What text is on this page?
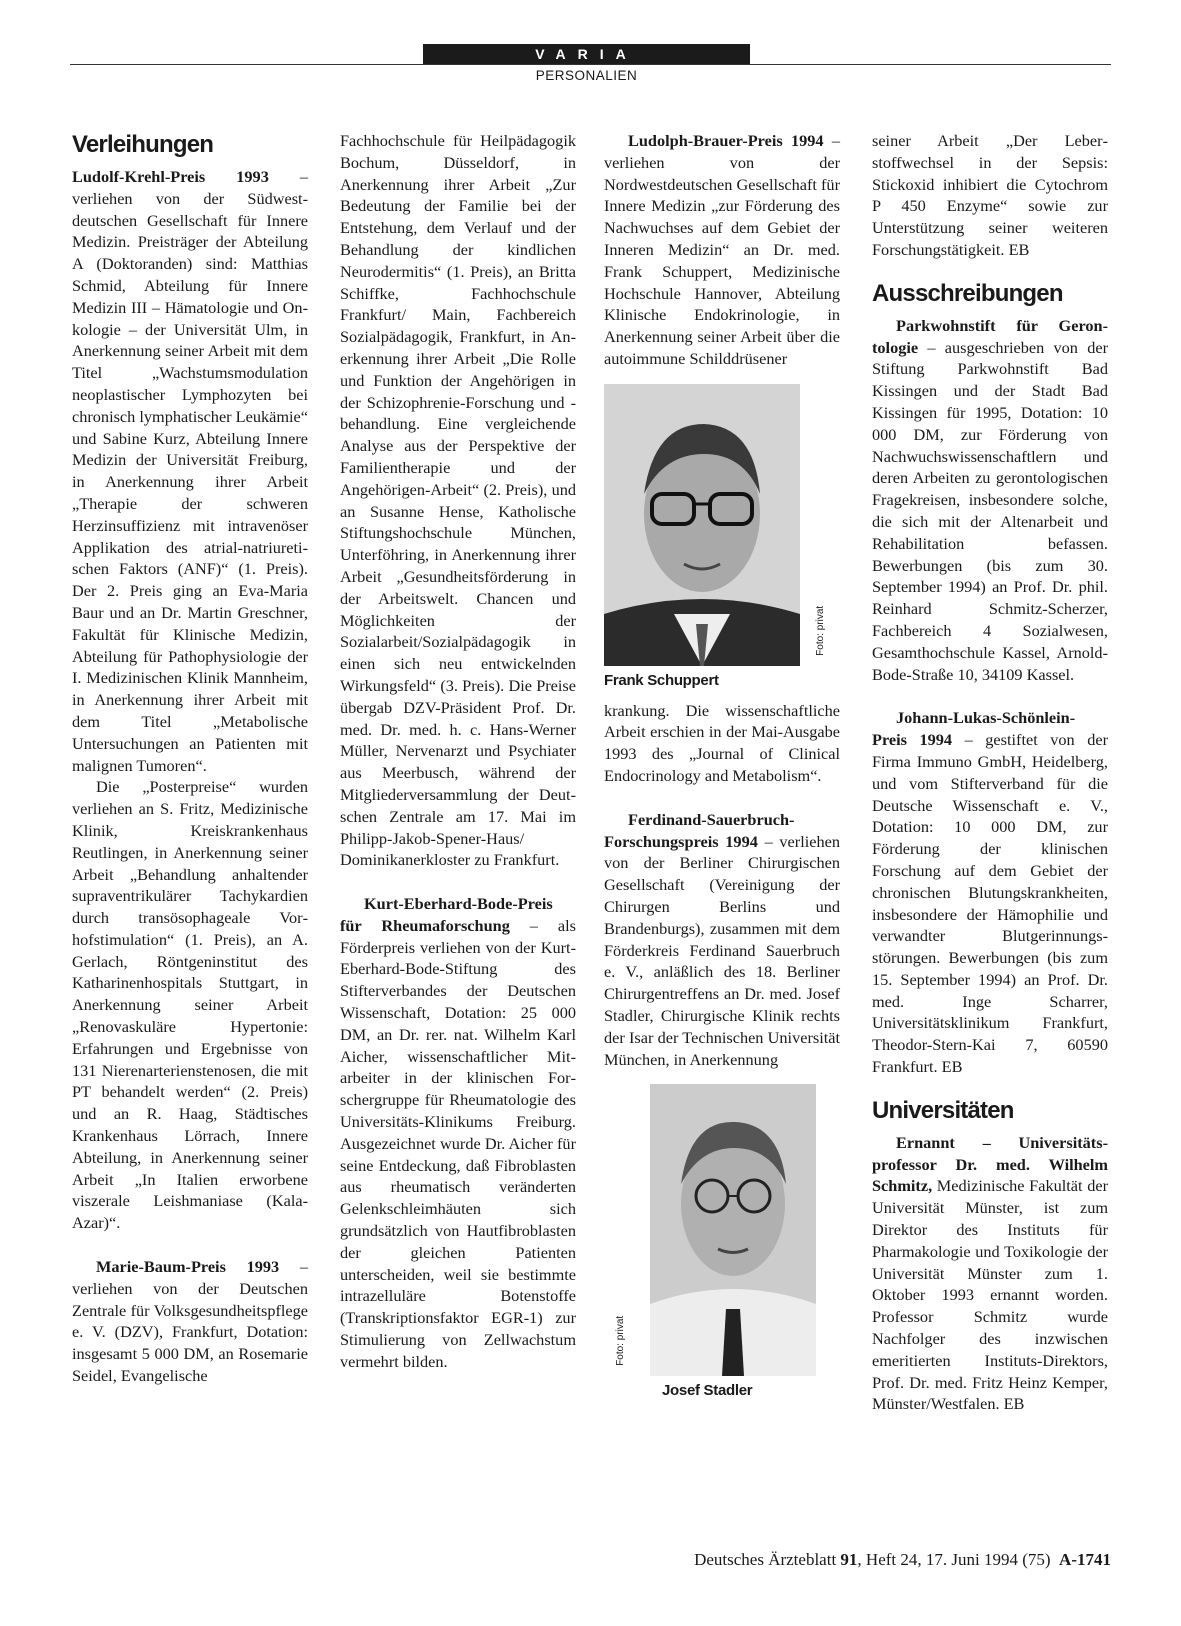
VARIA
PERSONALIEN
Verleihungen

Ludolf-Krehl-Preis 1993 – verliehen von der Südwestdeutschen Gesellschaft für Innere Medizin. Preisträger der Abteilung A (Doktoranden) sind: Matthias Schmid, Abteilung für Innere Medizin III – Hämatologie und Onkologie – der Universität Ulm, in Anerkennung seiner Arbeit mit dem Titel „Wachstumsmodulation neoplastischer Lymphozyten bei chronisch lymphatischer Leukämie“ und Sabine Kurz, Abteilung Innere Medizin der Universität Freiburg, in Anerkennung ihrer Arbeit „Therapie der schweren Herzinsuffizienz mit intravenöser Applikation des atrial-natriuretischen Faktors (ANF)“ (1. Preis). Der 2. Preis ging an Eva-Maria Baur und an Dr. Martin Greschner, Fakultät für Klinische Medizin, Abteilung für Pathophysiologie der I. Medizinischen Klinik Mannheim, in Anerkennung ihrer Arbeit mit dem Titel „Metabolische Untersuchungen an Patienten mit malignen Tumoren“.

Die „Posterpreise“ wurden verliehen an S. Fritz, Medizinische Klinik, Kreiskrankenhaus Reutlingen, in Anerkennung seiner Arbeit „Behandlung anhaltender supraventrikulärer Tachykardien durch transösophageale Vorhofstimulation“ (1. Preis), an A. Gerlach, Röntgeninstitut des Katharinenhospitals Stuttgart, in Anerkennung seiner Arbeit „Renovaskuläre Hypertonie: Erfahrungen und Ergebnisse von 131 Nierenarterienstenosen, die mit PT behandelt werden“ (2. Preis) und an R. Haag, Städtisches Krankenhaus Lörrach, Innere Abteilung, in Anerkennung seiner Arbeit „In Italien erworbene viszerale Leishmaniase (Kala-Azar)“.

Marie-Baum-Preis 1993 – verliehen von der Deutschen Zentrale für Volksgesundheitspflege e. V. (DZV), Frankfurt, Dotation: insgesamt 5 000 DM, an Rosemarie Seidel, Evangelische

Fachhochschule für Heilpädagogik Bochum, Düsseldorf, in Anerkennung ihrer Arbeit „Zur Bedeutung der Familie bei der Entstehung, dem Verlauf und der Behandlung der kindlichen Neurodermitis“ (1. Preis), an Britta Schiffke, Fachhochschule Frankfurt/ Main, Fachbereich Sozialpädagogik, Frankfurt, in Anerkennung ihrer Arbeit „Die Rolle und Funktion der Angehörigen in der Schizophrenie-Forschung und -behandlung. Eine vergleichende Analyse aus der Perspektive der Familientherapie und der Angehörigen-Arbeit“ (2. Preis), und an Susanne Hense, Katholische Stiftungshochschule München, Unterföhring, in Anerkennung ihrer Arbeit „Gesundheitsförderung in der Arbeitswelt. Chancen und Möglichkeiten der Sozialarbeit/Sozialpädagogik in einen sich neu entwickelnden Wirkungsfeld“ (3. Preis). Die Preise übergab DZV-Präsident Prof. Dr. med. Dr. med. h. c. Hans-Werner Müller, Nervenarzt und Psychiater aus Meerbusch, während der Mitgliederversammlung der Deutschen Zentrale am 17. Mai im Philipp-Jakob-Spener-Haus/ Dominikanerkloster zu Frankfurt.

Kurt-Eberhard-Bode-Preis für Rheumaforschung – als Förderpreis verliehen von der Kurt-Eberhard-Bode-Stiftung des Stifterverbandes der Deutschen Wissenschaft, Dotation: 25 000 DM, an Dr. rer. nat. Wilhelm Karl Aicher, wissenschaftlicher Mitarbeiter in der klinischen Forschergruppe für Rheumatologie des Universitäts-Klinikums Freiburg. Ausgezeichnet wurde Dr. Aicher für seine Entdeckung, daß Fibroblasten aus rheumatisch veränderten Gelenkschleimhäuten sich grundsätzlich von Hautfibroblasten der gleichen Patienten unterscheiden, weil sie bestimmte intrazelluläre Botenstoffe (Transkriptionsfaktor EGR-1) zur Stimulierung von Zellwachstum vermehrt bilden.

Ludolph-Brauer-Preis 1994 – verliehen von der Nordwestdeutschen Gesellschaft für Innere Medizin „zur Förderung des Nachwuchses auf dem Gebiet der Inneren Medizin“ an Dr. med. Frank Schuppert, Medizinische Hochschule Hannover, Abteilung Klinische Endokrinologie, in Anerkennung seiner Arbeit über die autoimmune Schilddrüsener

Foto: privat
Frank Schuppert

krankung. Die wissenschaftliche Arbeit erschien in der Mai-Ausgabe 1993 des „Journal of Clinical Endocrinology and Metabolism“.

Ferdinand-Sauerbruch-Forschungspreis 1994 – verliehen von der Berliner Chirurgischen Gesellschaft (Vereinigung der Chirurgen Berlins und Brandenburgs), zusammen mit dem Förderkreis Ferdinand Sauerbruch e. V., anläßlich des 18. Berliner Chirurgentreffens an Dr. med. Josef Stadler, Chirurgische Klinik rechts der Isar der Technischen Universität München, in Anerkennung

Foto: privat
Josef Stadler

seiner Arbeit „Der Leberstoffwechsel in der Sepsis: Stickoxid inhibiert die Cytochrom P 450 Enzyme“ sowie zur Unterstützung seiner weiteren Forschungstätigkeit. EB

Ausschreibungen

Parkwohnstift für Gerontologie – ausgeschrieben von der Stiftung Parkwohnstift Bad Kissingen und der Stadt Bad Kissingen für 1995, Dotation: 10 000 DM, zur Förderung von Nachwuchswissenschaftlern und deren Arbeiten zu gerontologischen Fragekreisen, insbesondere solche, die sich mit der Altenarbeit und Rehabilitation befassen. Bewerbungen (bis zum 30. September 1994) an Prof. Dr. phil. Reinhard Schmitz-Scherzer, Fachbereich 4 Sozialwesen, Gesamthochschule Kassel, Arnold-Bode-Straße 10, 34109 Kassel.

Johann-Lukas-Schönlein-Preis 1994 – gestiftet von der Firma Immuno GmbH, Heidelberg, und vom Stifterverband für die Deutsche Wissenschaft e. V., Dotation: 10 000 DM, zur Förderung der klinischen Forschung auf dem Gebiet der chronischen Blutungskrankheiten, insbesondere der Hämophilie und verwandter Blutgerinnungsstörungen. Bewerbungen (bis zum 15. September 1994) an Prof. Dr. med. Inge Scharrer, Universitätsklinikum Frankfurt, Theodor-Stern-Kai 7, 60590 Frankfurt. EB

Universitäten

Ernannt – Universitätsprofessor Dr. med. Wilhelm Schmitz, Medizinische Fakultät der Universität Münster, ist zum Direktor des Instituts für Pharmakologie und Toxikologie der Universität Münster zum 1. Oktober 1993 ernannt worden. Professor Schmitz wurde Nachfolger des inzwischen emeritierten Instituts-Direktors, Prof. Dr. med. Fritz Heinz Kemper, Münster/Westfalen. EB

Deutsches Ärzteblatt 91, Heft 24, 17. Juni 1994 (75) A-1741
